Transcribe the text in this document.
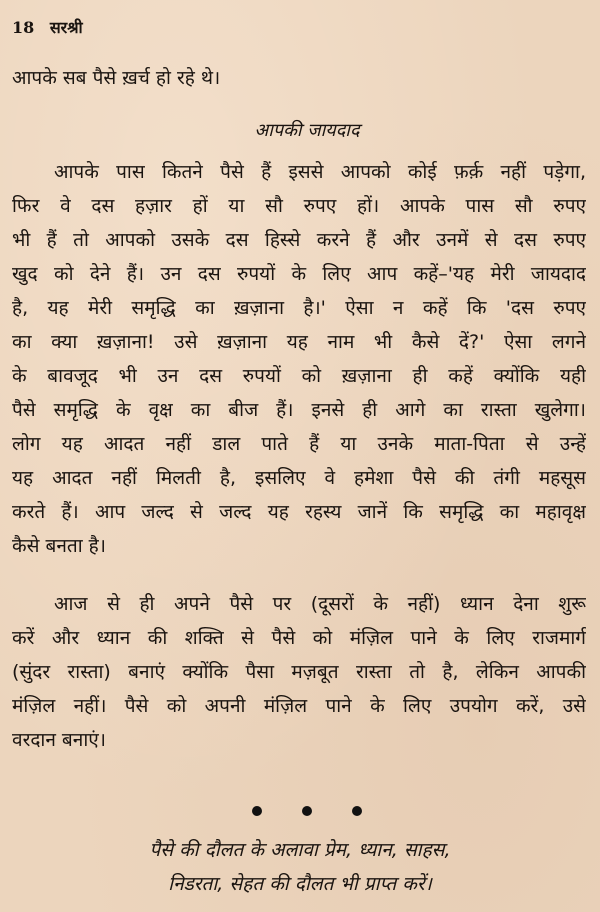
18 सरश्री
आपके सब पैसे ख़र्च हो रहे थे।
आपकी जायदाद
आपके पास कितने पैसे हैं इससे आपको कोई फ़र्क़ नहीं पड़ेगा,
फिर वे दस हज़ार हों या सौ रुपए हों। आपके पास सौ रुपए
भी हैं तो आपको उसके दस हिस्से करने हैं और उनमें से दस रुपए
खुद को देने हैं। उन दस रुपयों के लिए आप कहें–'यह मेरी जायदाद
है, यह मेरी समृद्धि का ख़ज़ाना है।' ऐसा न कहें कि 'दस रुपए
का क्या ख़ज़ाना! उसे ख़ज़ाना यह नाम भी कैसे दें?' ऐसा लगने
के बावजूद भी उन दस रुपयों को ख़ज़ाना ही कहें क्योंकि यही
पैसे समृद्धि के वृक्ष का बीज हैं। इनसे ही आगे का रास्ता खुलेगा।
लोग यह आदत नहीं डाल पाते हैं या उनके माता-पिता से उन्हें
यह आदत नहीं मिलती है, इसलिए वे हमेशा पैसे की तंगी महसूस
करते हैं। आप जल्द से जल्द यह रहस्य जानें कि समृद्धि का महावृक्ष
कैसे बनता है।
आज से ही अपने पैसे पर (दूसरों के नहीं) ध्यान देना शुरू
करें और ध्यान की शक्ति से पैसे को मंज़िल पाने के लिए राजमार्ग
(सुंदर रास्ता) बनाएं क्योंकि पैसा मज़बूत रास्ता तो है, लेकिन आपकी
मंज़िल नहीं। पैसे को अपनी मंज़िल पाने के लिए उपयोग करें, उसे
वरदान बनाएं।
पैसे की दौलत के अलावा प्रेम, ध्यान, साहस,
निडरता, सेहत की दौलत भी प्राप्त करें।
